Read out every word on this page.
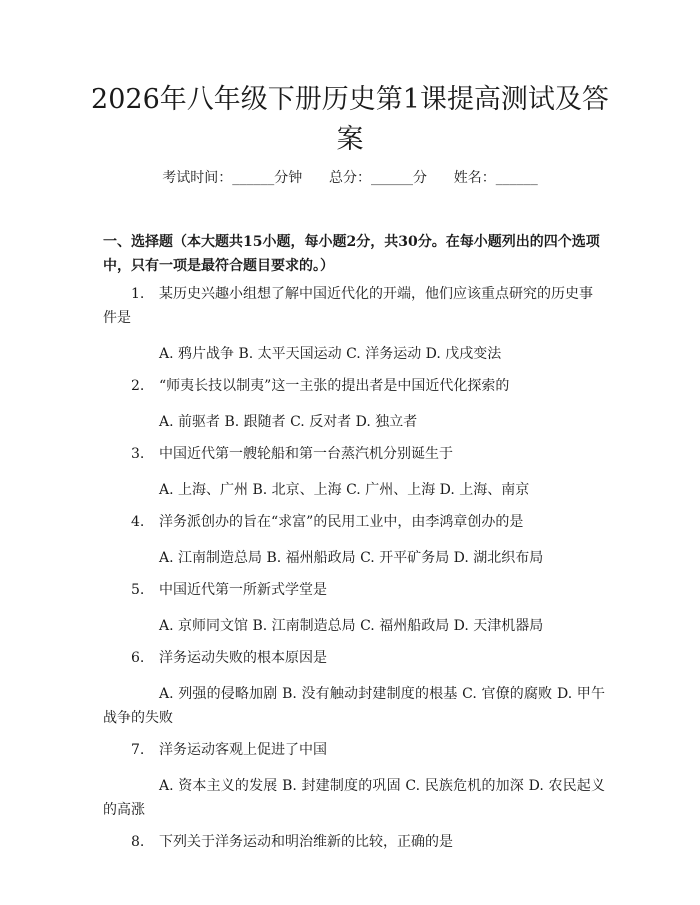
2026年八年级下册历史第1课提高测试及答案
考试时间：______分钟      总分：______分      姓名：______
一、选择题（本大题共15小题，每小题2分，共30分。在每小题列出的四个选项中，只有一项是最符合题目要求的。）

1. 某历史兴趣小组想了解中国近代化的开端，他们应该重点研究的历史事件是

A. 鸦片战争 B. 太平天国运动 C. 洋务运动 D. 戊戌变法

2. “师夷长技以制夷”这一主张的提出者是中国近代化探索的

A. 前驱者 B. 跟随者 C. 反对者 D. 独立者

3. 中国近代第一艘轮船和第一台蒸汽机分别诞生于

A. 上海、广州 B. 北京、上海 C. 广州、上海 D. 上海、南京

4. 洋务派创办的旨在“求富”的民用工业中，由李鸿章创办的是

A. 江南制造总局 B. 福州船政局 C. 开平矿务局 D. 湖北织布局

5. 中国近代第一所新式学堂是

A. 京师同文馆 B. 江南制造总局 C. 福州船政局 D. 天津机器局

6. 洋务运动失败的根本原因是

A. 列强的侵略加剧 B. 没有触动封建制度的根基 C. 官僚的腐败 D. 甲午战争的失败

7. 洋务运动客观上促进了中国

A. 资本主义的发展 B. 封建制度的巩固 C. 民族危机的加深 D. 农民起义的高涨

8. 下列关于洋务运动和明治维新的比较，正确的是
